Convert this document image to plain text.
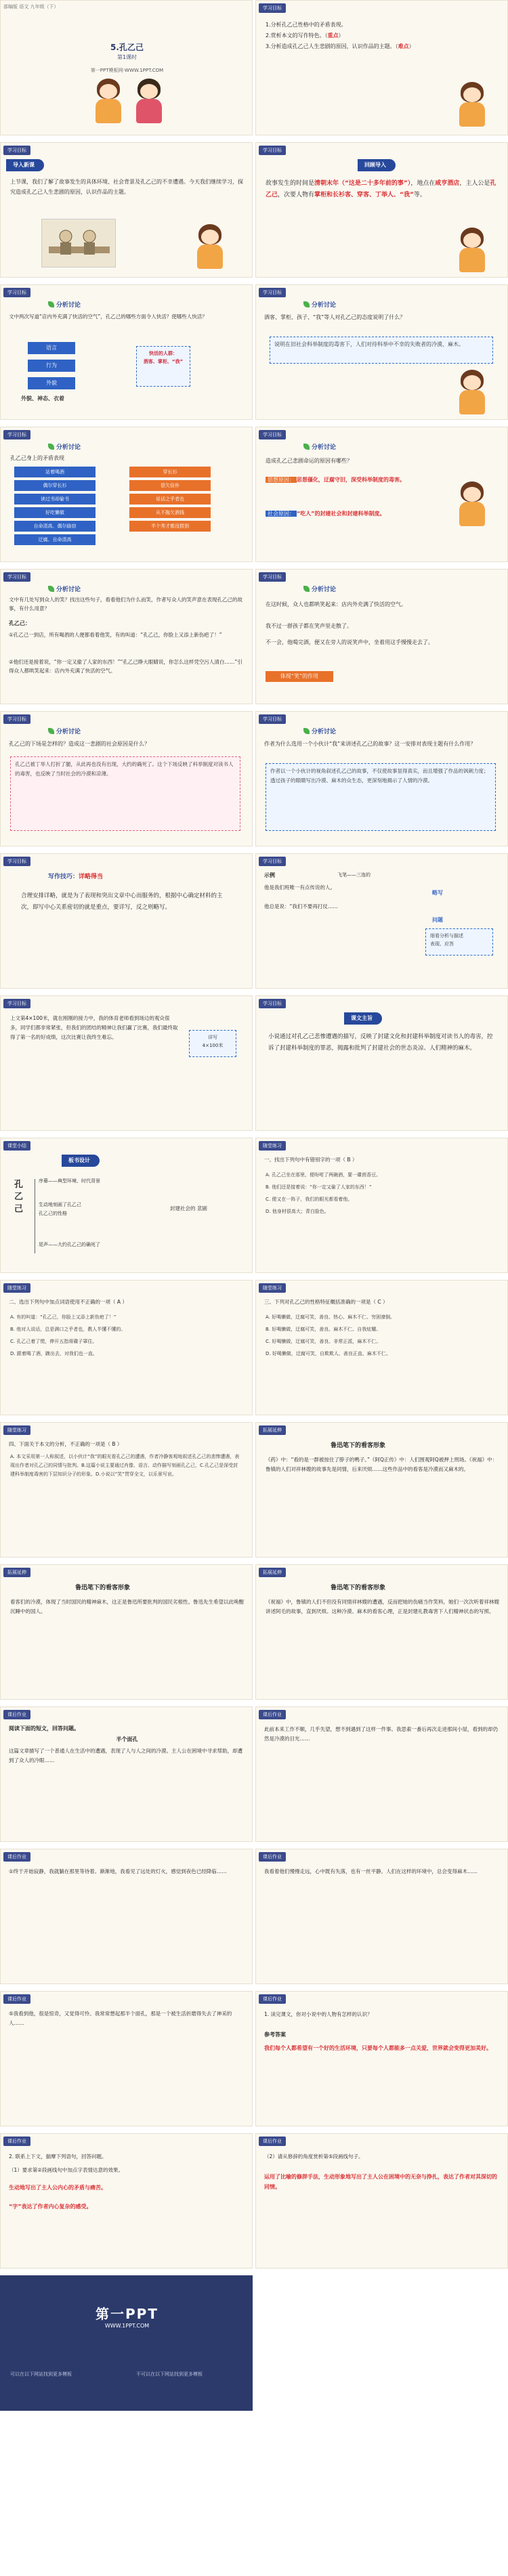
部编版 语文 九年级（下）
5.孔乙己
第1课时
第一PPT模板网-WWW.1PPT.COM
学习目标
1.分析孔乙己性格中的矛盾表现。
2.赏析本文的写作特色。（重点）
3.分析造成孔乙己人生悲剧的原因，认识作品的主题。（难点）
学习目标
导入新课
上节课，我们了解了故事发生的具体环境、社会背景及孔乙己的不幸遭遇。今天我们继续学习，探究造成孔乙己人生悲剧的原因，认识作品的主题。
学习目标
回顾导入
故事发生的时间是清朝末年（“这是二十多年前的事”），地点在咸亨酒店，主人公是孔乙己，次要人物有掌柜和长衫客、穿客、丁举人、“我”等。
学习目标
分析讨论
文中两次写道“店内外充满了快活的空气”，孔乙己的哪些方面令人快活？使哪些人快活？
语言
行为
外貌
外貌、神态、衣着
快活的人群：
酒客、掌柜、“我”
学习目标
分析讨论
酒客、掌柜、孩子、“我”等人对孔乙己的态度说明了什么？
说明在旧社会科举制度的毒害下，人们对待科举中不幸的失败者的冷漠、麻木。
学习目标
分析讨论
孔乙己身上的矛盾表现
站着喝酒
偶尔穿长衫
读过书却偷书
好吃懒做
自命清高、偶尔偷窃
迂腐、自命清高
穿长衫
偿欠俭朴
说话之乎者也
从不拖欠酒钱
半个秀才都没捞到
学习目标
分析讨论
造成孔乙己悲剧命运的原因有哪些？
思想原因： 思想僵化，迂腐守旧，深受科举制度的毒害。
社会原因： “吃人”的封建社会和封建科举制度。
学习目标
分析讨论
文中有几处写到众人的笑？找出这些句子，看看他们为什么而笑，作者写众人的笑声意在表现孔乙己的故事，有什么用意？
孔乙己：
①孔乙己一到店，所有喝酒的人便都看着他笑，有的叫道：“孔乙己，你脸上又添上新伤疤了！”
②他们还是接着说，“你一定又偷了人家的东西！”“孔乙己睁大眼睛说，你怎么这样凭空污人清白……”引得众人都哄笑起来：店内外充满了快活的空气。
学习目标
分析讨论
在这时候，众人也都哄笑起来：店内外充满了快活的空气。
我不过一群孩子都在笑声里走散了。
不一会，他喝完酒，便又在旁人的说笑声中，坐着用这手慢慢走去了。
体现“笑”的作用
学习目标
分析讨论
孔乙己的下场是怎样的？造成这一悲剧的社会原因是什么？
孔乙己被丁举人打折了腿，从此再也没有出现，大约的确死了。这个下场反映了科举制度对读书人的毒害，也反映了当时社会的冷漠和凉薄。
学习目标
分析讨论
作者为什么选用一个小伙计“我”来讲述孔乙己的故事？这一安排对表现主题有什么作用？
作者以一个小伙计的视角叙述孔乙己的故事，不仅使故事显得真实，而且增强了作品的讽刺力度；透过孩子的眼睛写出冷漠、麻木的众生态，更深刻地揭示了人情的冷漠。
学习目标
写作技巧：详略得当
合理安排详略，就是为了表现和突出文章中心而服务的，根据中心确定材料的主次，即写中心关系密切的就是重点，要详写，反之则略写。
学习目标
示例	飞笔——三连的
他是我们班唯一有点传说的人。
他总是说：“我们不要再打仗……
略写
问题
细看分析与描述
表现、应答
学习目标
上文第4×100米，就在刚刚的接力中，我的体育老师看到场边的观众很多，同学们都非常紧张，但我们的团结的精神让我们赢了比赛，我们最终取得了第一名的好成绩，这次比赛让我终生难忘。	详写
4×100米
学习目标
课文主旨
小说通过对孔乙己悲惨遭遇的描写，反映了封建文化和封建科举制度对读书人的毒害，控诉了封建科举制度的罪恶，揭露和批判了封建社会的世态炎凉、人们精神的麻木。
课堂小结
板书设计
孔乙己
序幕——典型环境、时代背景
生动地刻画了孔乙己
孔乙己的性格
尾声——大约孔乙己的确死了
封建社会的 悲剧
随堂练习
一、找出下列句中有错别字的一项（ B ）
A. 孔乙己坐在那里，便吩咐了两碗酒，要一碟茴香豆。
B. 他们还是接着说：“你一定又偷了人家的东西！”
C. 便又在一阵子，我们的眼光都看着他。
D. 他身材很高大；青白脸色。
随堂练习
二、选出下列句中加点词语使用不正确的一项（ A ）
A. 有的叫道：“孔乙己，你脸上又添上新伤疤了！”
B. 他对人说话，总是满口之乎者也，教人半懂不懂的。
C. 孔乙己着了慌，伸开五指将碟子罩住。
D. 跟着喝了酒，踱出去，对我们也一直。
随堂练习
三、下列对孔乙己的性格特征概括准确的一项是（ C ）
A. 好喝懒做，迂腐可笑，善良、热心、麻木不仁、穷困潦倒。
B. 好喝懒做，迂腐可笑，善良、麻木不仁、自我炫耀。
C. 好喝懒做，迂腐可笑，善良、非常正派，麻木不仁。
D. 好喝懒做，迂腐可笑，自欺欺人、善良正直、麻木不仁。
随堂练习
四、下面关于本文的分析，不正确的一项是（ B ）
A. 本文采用第一人称叙述，以小伙计“我”的眼光看孔乙己的遭遇，作者冷静客观地叙述孔乙己的悲惨遭遇，表现出作者对孔乙己的同情与批判。B.这篇小说主要通过肖像、语言、动作描写刻画孔乙己，C.孔乙己是深受封建科举制度毒害的下层知识分子的形象。D.小说以“笑”贯穿全文，以乐景写哀。
拓展延伸
鲁迅笔下的看客形象
《药》中：“看的是一群被按住了脖子的鸭子。”《阿Q正传》中：人们围观阿Q被押上刑场。《祝福》中：鲁镇的人们对祥林嫂的故事先是同情，后来厌烦……这些作品中的看客是冷漠而又麻木的。
拓展延伸
鲁迅笔下的看客形象
看客们的冷漠，体现了当时国民的精神麻木，这正是鲁迅所要批判的国民劣根性。鲁迅先生希望以此唤醒沉睡中的国人。
拓展延伸
鲁迅笔下的看客形象
《祝福》中，鲁镇的人们不但没有同情祥林嫂的遭遇，反而把她的伤痛当作笑料，她们一次次听着祥林嫂讲述阿毛的故事，直到厌烦。这种冷漠、麻木的看客心理，正是封建礼教毒害下人们精神状态的写照。
课后作业
阅读下面的短文，回答问题。
半个面孔
这篇文章描写了一个普通人在生活中的遭遇，表现了人与人之间的冷漠。主人公在困境中寻求帮助，却遭到了众人的冷眼……
课后作业
此前本来工作不顺，几乎失望，想不到遇到了这样一件事。我思索一番后再次走进那间小屋，看到的却仍然是冷漠的目光……
课后作业
①终于开始寂静，我就躺在那里等待着。渐渐地，我看见了远处的灯火，感觉到夜色已经降临……
课后作业
我看着他们慢慢走远，心中既有失落，也有一丝平静。人们在这样的环境中，总会变得麻木……
课后作业
⑤我看到他，很是惊奇，又觉得可怜。我常常想起那半个面孔，那是一个被生活折磨得失去了神采的人……
课后作业
1. 读完课文，你对小说中的人物有怎样的认识？
参考答案
我们每个人都希望有一个好的生活环境，只要每个人都能多一点关爱，世界就会变得更加美好。
课后作业
2. 联系上下文，揣摩下列语句，回答问题。
（1）要求第②段画线句中加点字表情达意的效果。
生动地写出了主人公内心的矛盾与痛苦。
“字”表达了作者内心复杂的感受。
课后作业
（2）请从修辞的角度赏析第⑤段画线句子。
运用了比喻的修辞手法，生动形象地写出了主人公在困境中的无奈与挣扎，表达了作者对其深切的同情。
第一PPT
WWW.1PPT.COM
可以在以下网站找到更多模板	不可以在以下网站找到更多模板
